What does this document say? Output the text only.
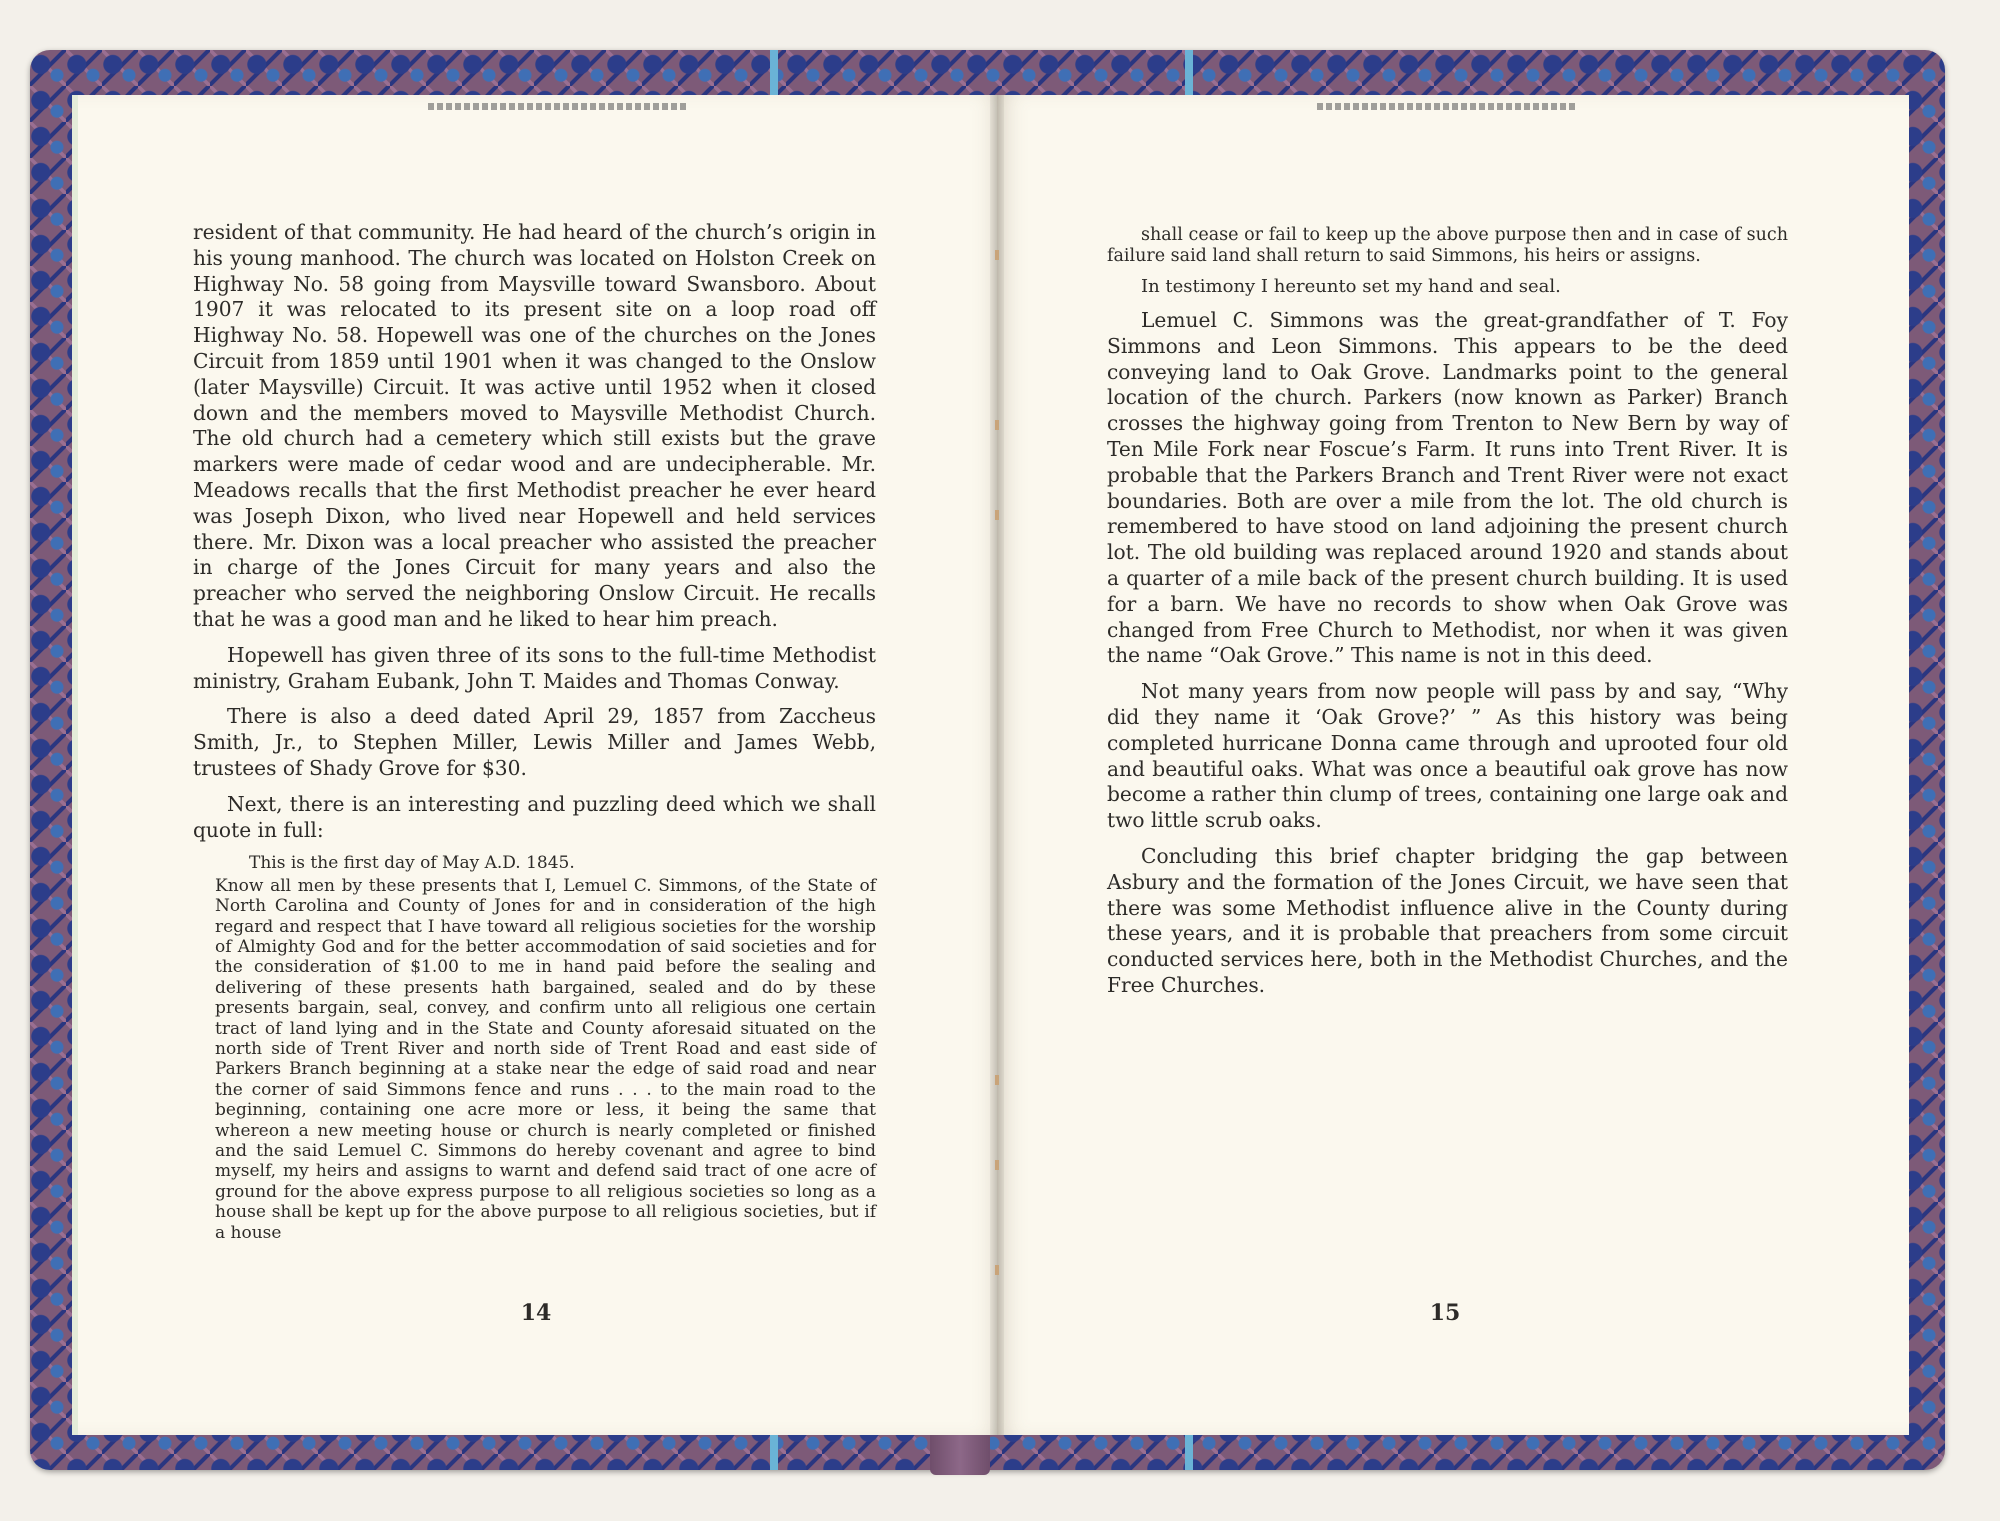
resident of that community. He had heard of the church’s origin in his young manhood. The church was located on Holston Creek on Highway No. 58 going from Maysville toward Swansboro. About 1907 it was relocated to its present site on a loop road off Highway No. 58. Hopewell was one of the churches on the Jones Circuit from 1859 until 1901 when it was changed to the Onslow (later Maysville) Circuit. It was active until 1952 when it closed down and the members moved to Maysville Methodist Church. The old church had a cemetery which still exists but the grave markers were made of cedar wood and are undecipherable. Mr. Meadows recalls that the first Methodist preacher he ever heard was Joseph Dixon, who lived near Hopewell and held services there. Mr. Dixon was a local preacher who assisted the preacher in charge of the Jones Circuit for many years and also the preacher who served the neighboring Onslow Circuit. He recalls that he was a good man and he liked to hear him preach.

Hopewell has given three of its sons to the full-time Methodist ministry, Graham Eubank, John T. Maides and Thomas Conway.

There is also a deed dated April 29, 1857 from Zaccheus Smith, Jr., to Stephen Miller, Lewis Miller and James Webb, trustees of Shady Grove for $30.

Next, there is an interesting and puzzling deed which we shall quote in full:

This is the first day of May A.D. 1845.

Know all men by these presents that I, Lemuel C. Simmons, of the State of North Carolina and County of Jones for and in consideration of the high regard and respect that I have toward all religious societies for the worship of Almighty God and for the better accommodation of said societies and for the consideration of $1.00 to me in hand paid before the sealing and delivering of these presents hath bargained, sealed and do by these presents bargain, seal, convey, and confirm unto all religious one certain tract of land lying and in the State and County aforesaid situated on the north side of Trent River and north side of Trent Road and east side of Parkers Branch beginning at a stake near the edge of said road and near the corner of said Simmons fence and runs . . . to the main road to the beginning, containing one acre more or less, it being the same that whereon a new meeting house or church is nearly completed or finished and the said Lemuel C. Simmons do hereby covenant and agree to bind myself, my heirs and assigns to warnt and defend said tract of one acre of ground for the above express purpose to all religious societies so long as a house shall be kept up for the above purpose to all religious societies, but if a house

14

shall cease or fail to keep up the above purpose then and in case of such failure said land shall return to said Simmons, his heirs or assigns.

In testimony I hereunto set my hand and seal.

Lemuel C. Simmons was the great-grandfather of T. Foy Simmons and Leon Simmons. This appears to be the deed conveying land to Oak Grove. Landmarks point to the general location of the church. Parkers (now known as Parker) Branch crosses the highway going from Trenton to New Bern by way of Ten Mile Fork near Foscue’s Farm. It runs into Trent River. It is probable that the Parkers Branch and Trent River were not exact boundaries. Both are over a mile from the lot. The old church is remembered to have stood on land adjoining the present church lot. The old building was replaced around 1920 and stands about a quarter of a mile back of the present church building. It is used for a barn. We have no records to show when Oak Grove was changed from Free Church to Methodist, nor when it was given the name “Oak Grove.” This name is not in this deed.

Not many years from now people will pass by and say, “Why did they name it ‘Oak Grove?’ ” As this history was being completed hurricane Donna came through and uprooted four old and beautiful oaks. What was once a beautiful oak grove has now become a rather thin clump of trees, containing one large oak and two little scrub oaks.

Concluding this brief chapter bridging the gap between Asbury and the formation of the Jones Circuit, we have seen that there was some Methodist influence alive in the County during these years, and it is probable that preachers from some circuit conducted services here, both in the Methodist Churches, and the Free Churches.

15
